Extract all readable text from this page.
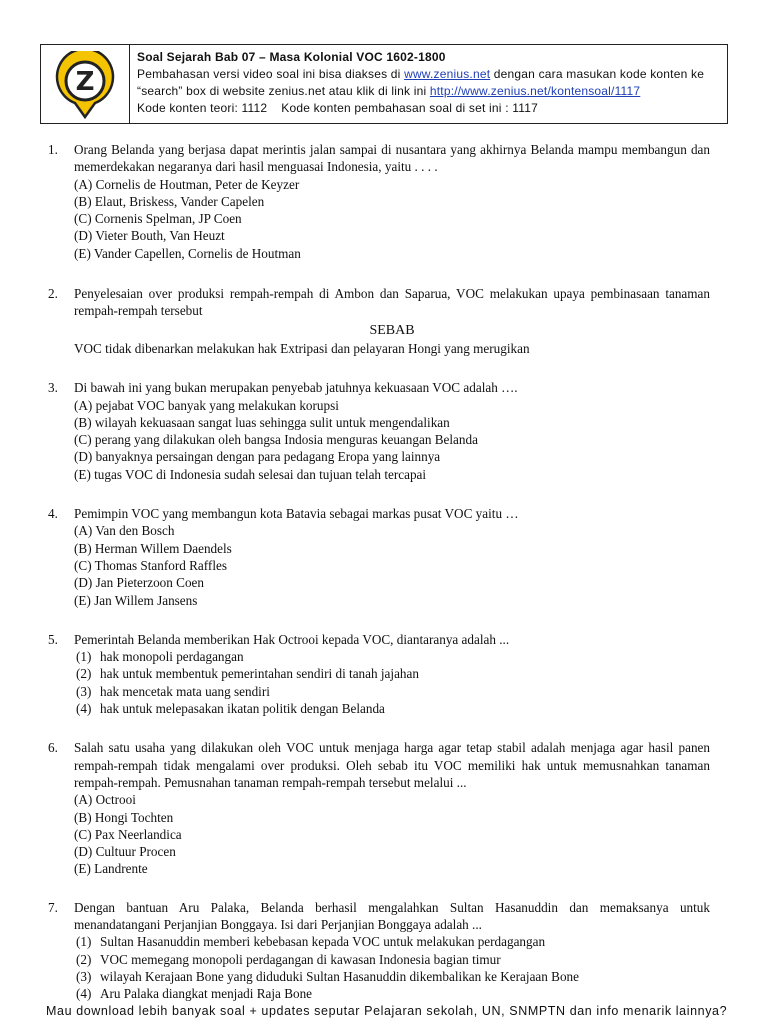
Z
Soal Sejarah Bab 07 – Masa Kolonial VOC 1602-1800
Pembahasan versi video soal ini bisa diakses di www.zenius.net dengan cara masukan kode konten ke
“search” box di website zenius.net atau klik di link ini http://www.zenius.net/kontensoal/1117
Kode konten teori: 1112 Kode konten pembahasan soal di set ini : 1117
1.	Orang Belanda yang berjasa dapat merintis jalan sampai di nusantara yang akhirnya Belanda mampu membangun dan memerdekakan negaranya dari hasil menguasai Indonesia, yaitu . . . .
(A) Cornelis de Houtman, Peter de Keyzer
(B) Elaut, Briskess, Vander Capelen
(C) Cornenis Spelman, JP Coen
(D) Vieter Bouth, Van Heuzt
(E) Vander Capellen, Cornelis de Houtman
2.	Penyelesaian over produksi rempah-rempah di Ambon dan Saparua, VOC melakukan upaya pembinasaan tanaman rempah-rempah tersebut
SEBAB
VOC tidak dibenarkan melakukan hak Extripasi dan pelayaran Hongi yang merugikan
3.	Di bawah ini yang bukan merupakan penyebab jatuhnya kekuasaan VOC adalah ….
(A) pejabat VOC banyak yang melakukan korupsi
(B) wilayah kekuasaan sangat luas sehingga sulit untuk mengendalikan
(C) perang yang dilakukan oleh bangsa Indosia menguras keuangan Belanda
(D) banyaknya persaingan dengan para pedagang Eropa yang lainnya
(E) tugas VOC di Indonesia sudah selesai dan tujuan telah tercapai
4.	Pemimpin VOC yang membangun kota Batavia sebagai markas pusat VOC yaitu …
(A) Van den Bosch
(B) Herman Willem Daendels
(C) Thomas Stanford Raffles
(D) Jan Pieterzoon Coen
(E) Jan Willem Jansens
5.	Pemerintah Belanda memberikan Hak Octrooi kepada VOC, diantaranya adalah ...
(1) hak monopoli perdagangan
(2) hak untuk membentuk pemerintahan sendiri di tanah jajahan
(3) hak mencetak mata uang sendiri
(4) hak untuk melepasakan ikatan politik dengan Belanda
6.	Salah satu usaha yang dilakukan oleh VOC untuk menjaga harga agar tetap stabil adalah menjaga agar hasil panen rempah-rempah tidak mengalami over produksi. Oleh sebab itu VOC memiliki hak untuk memusnahkan tanaman rempah-rempah. Pemusnahan tanaman rempah-rempah tersebut melalui ...
(A) Octrooi
(B) Hongi Tochten
(C) Pax Neerlandica
(D) Cultuur Procen
(E) Landrente
7.	Dengan bantuan Aru Palaka, Belanda berhasil mengalahkan Sultan Hasanuddin dan memaksanya untuk menandatangani Perjanjian Bonggaya. Isi dari Perjanjian Bonggaya adalah ...
(1) Sultan Hasanuddin memberi kebebasan kepada VOC untuk melakukan perdagangan
(2) VOC memegang monopoli perdagangan di kawasan Indonesia bagian timur
(3) wilayah Kerajaan Bone yang diduduki Sultan Hasanuddin dikembalikan ke Kerajaan Bone
(4) Aru Palaka diangkat menjadi Raja Bone
Mau download lebih banyak soal + updates seputar Pelajaran sekolah, UN, SNMPTN dan info menarik lainnya?
